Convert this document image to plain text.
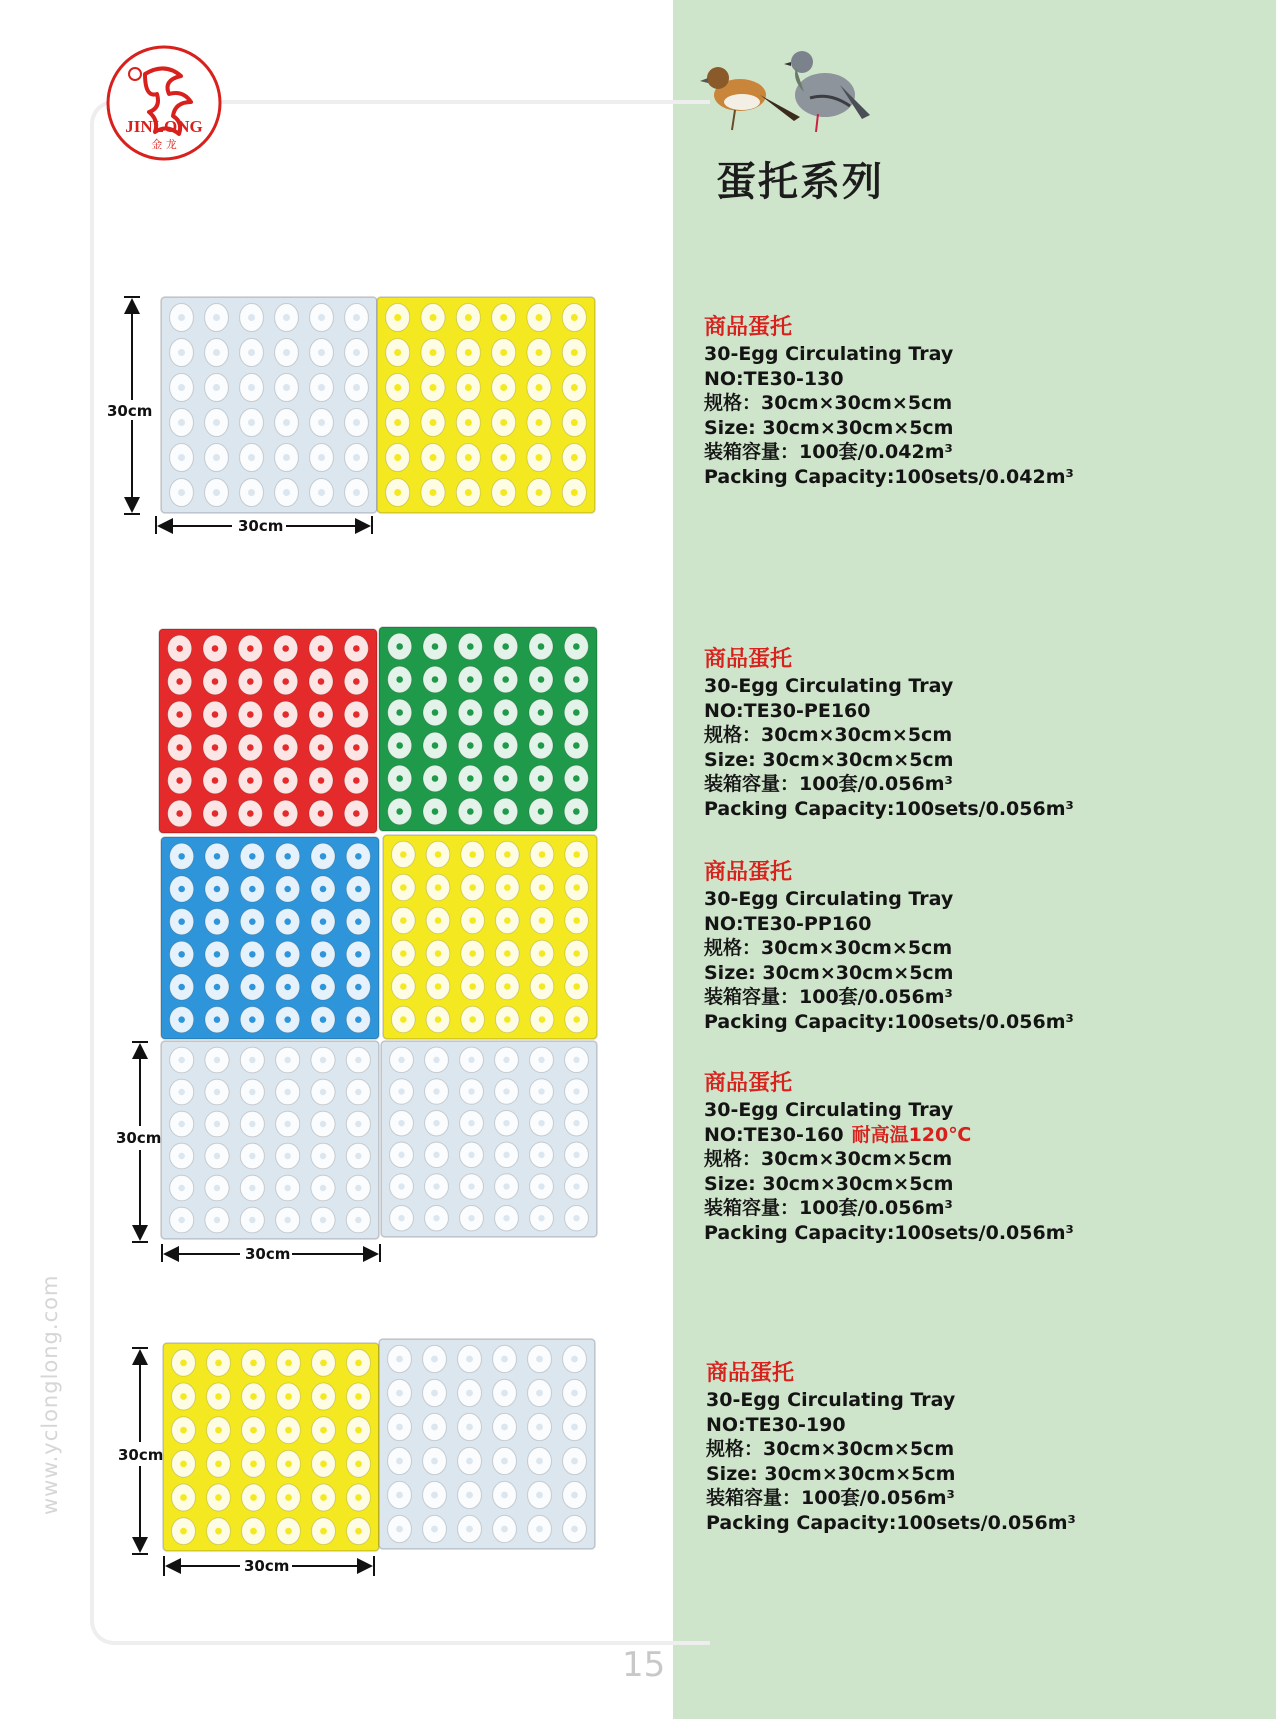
JINLONG
金 龙
蛋托系列
www.yclonglong.com
15
30cm
30cm
30cm
30cm
30cm
30cm
商品蛋托
30-Egg Circulating Tray
NO:TE30-130
规格：30cm×30cm×5cm
Size: 30cm×30cm×5cm
装箱容量：100套/0.042m³
Packing Capacity:100sets/0.042m³
商品蛋托
30-Egg Circulating Tray
NO:TE30-PE160
规格：30cm×30cm×5cm
Size: 30cm×30cm×5cm
装箱容量：100套/0.056m³
Packing Capacity:100sets/0.056m³
商品蛋托
30-Egg Circulating Tray
NO:TE30-PP160
规格：30cm×30cm×5cm
Size: 30cm×30cm×5cm
装箱容量：100套/0.056m³
Packing Capacity:100sets/0.056m³
商品蛋托
30-Egg Circulating Tray
NO:TE30-160 耐高温120℃
规格：30cm×30cm×5cm
Size: 30cm×30cm×5cm
装箱容量：100套/0.056m³
Packing Capacity:100sets/0.056m³
商品蛋托
30-Egg Circulating Tray
NO:TE30-190
规格：30cm×30cm×5cm
Size: 30cm×30cm×5cm
装箱容量：100套/0.056m³
Packing Capacity:100sets/0.056m³
